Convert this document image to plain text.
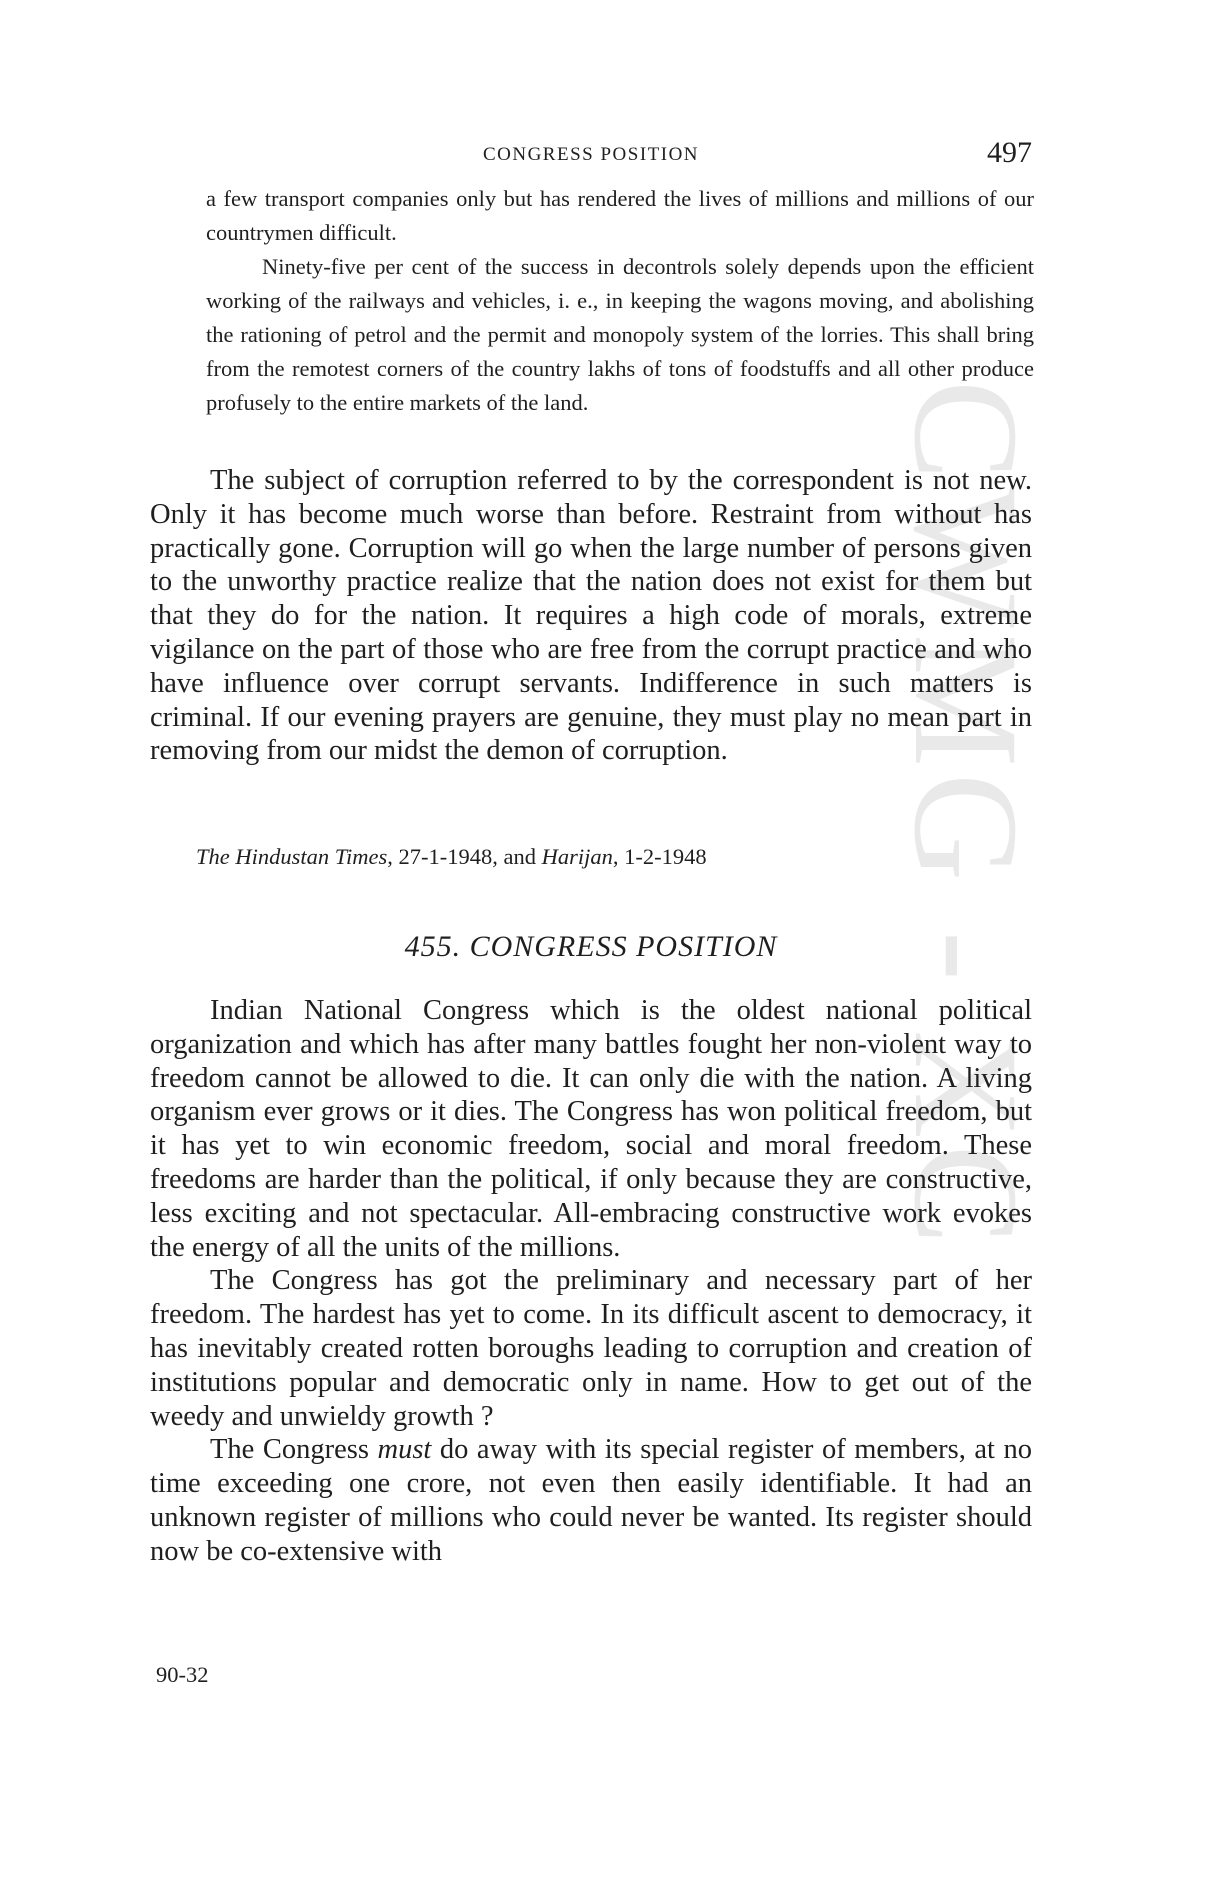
CWMG - XC
CONGRESS POSITION	497

a few transport companies only but has rendered the lives of millions and millions of our countrymen difficult.

Ninety-five per cent of the success in decontrols solely depends upon the efficient working of the railways and vehicles, i. e., in keeping the wagons moving, and abolishing the rationing of petrol and the permit and monopoly system of the lorries. This shall bring from the remotest corners of the country lakhs of tons of foodstuffs and all other produce profusely to the entire markets of the land.

The subject of corruption referred to by the correspondent is not new. Only it has become much worse than before. Restraint from without has practically gone. Corruption will go when the large number of persons given to the unworthy practice realize that the nation does not exist for them but that they do for the nation. It requires a high code of morals, extreme vigilance on the part of those who are free from the corrupt practice and who have influence over corrupt servants. Indifference in such matters is criminal. If our evening prayers are genuine, they must play no mean part in removing from our midst the demon of corruption.

The Hindustan Times, 27-1-1948, and Harijan, 1-2-1948
455. CONGRESS POSITION

Indian National Congress which is the oldest national political organization and which has after many battles fought her non-violent way to freedom cannot be allowed to die. It can only die with the nation. A living organism ever grows or it dies. The Congress has won political freedom, but it has yet to win economic freedom, social and moral freedom. These freedoms are harder than the political, if only because they are constructive, less exciting and not spectacular. All-embracing constructive work evokes the energy of all the units of the millions.

The Congress has got the preliminary and necessary part of her freedom. The hardest has yet to come. In its difficult ascent to democracy, it has inevitably created rotten boroughs leading to corruption and creation of institutions popular and democratic only in name. How to get out of the weedy and unwieldy growth ?

The Congress must do away with its special register of members, at no time exceeding one crore, not even then easily identifiable. It had an unknown register of millions who could never be wanted. Its register should now be co-extensive with

90-32
